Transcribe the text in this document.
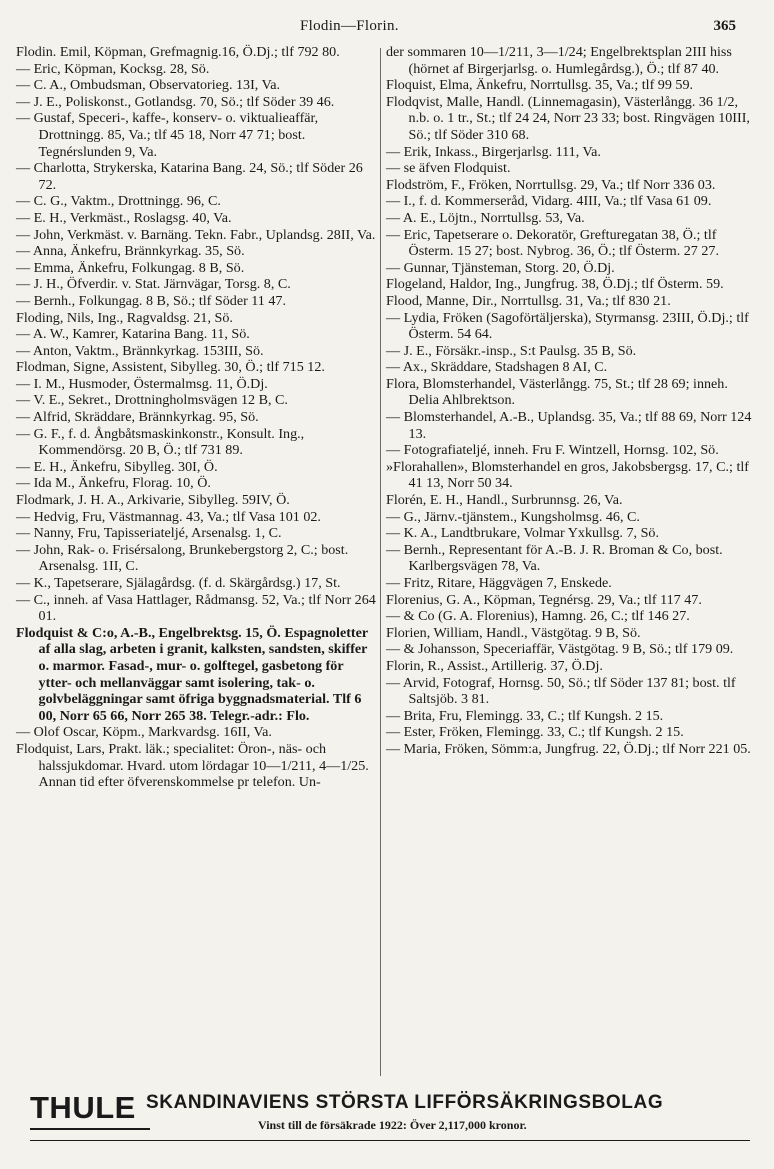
Flodin—Florin.	365
Flodin. Emil, Köpman, Grefmagnig.16, Ö.Dj.; tlf 792 80.
— Eric, Köpman, Kocksg. 28, Sö.
— C. A., Ombudsman, Observatorieg. 13I, Va.
— J. E., Poliskonst., Gotlandsg. 70, Sö.; tlf Söder 39 46.
— Gustaf, Speceri-, kaffe-, konserv- o. viktualieaffär, Drottningg. 85, Va.; tlf 45 18, Norr 47 71; bost. Tegnérslunden 9, Va.
— Charlotta, Strykerska, Katarina Bang. 24, Sö.; tlf Söder 26 72.
— C. G., Vaktm., Drottningg. 96, C.
— E. H., Verkmäst., Roslagsg. 40, Va.
— John, Verkmäst. v. Barnäng. Tekn. Fabr., Uplandsg. 28II, Va.
— Anna, Änkefru, Brännkyrkag. 35, Sö.
— Emma, Änkefru, Folkungag. 8 B, Sö.
— J. H., Öfverdir. v. Stat. Järnvägar, Torsg. 8, C.
— Bernh., Folkungag. 8 B, Sö.; tlf Söder 11 47.
Floding, Nils, Ing., Ragvaldsg. 21, Sö.
— A. W., Kamrer, Katarina Bang. 11, Sö.
— Anton, Vaktm., Brännkyrkag. 153III, Sö.
Flodman, Signe, Assistent, Sibylleg. 30, Ö.; tlf 715 12.
— I. M., Husmoder, Östermalmsg. 11, Ö.Dj.
— V. E., Sekret., Drottningholmsvägen 12 B, C.
— Alfrid, Skräddare, Brännkyrkag. 95, Sö.
— G. F., f. d. Ångbåtsmaskinkonstr., Konsult. Ing., Kommendörsg. 20 B, Ö.; tlf 731 89.
— E. H., Änkefru, Sibylleg. 30I, Ö.
— Ida M., Änkefru, Florag. 10, Ö.
Flodmark, J. H. A., Arkivarie, Sibylleg. 59IV, Ö.
— Hedvig, Fru, Västmannag. 43, Va.; tlf Vasa 101 02.
— Nanny, Fru, Tapisseriatelјé, Arsenalsg. 1, C.
— John, Rak- o. Frisérsalong, Brunkebergstorg 2, C.; bost. Arsenalsg. 1II, C.
— K., Tapetserare, Själagårdsg. (f. d. Skärgårdsg.) 17, St.
— C., inneh. af Vasa Hattlager, Rådmansg. 52, Va.; tlf Norr 264 01.
Flodquist & C:o, A.-B., Engelbrektsg. 15, Ö. Espagnoletter af alla slag, arbeten i granit, kalksten, sandsten, skiffer o. marmor. Fasad-, mur- o. golftegel, gasbetong för ytter- och mellanväggar samt isolering, tak- o. golvbeläggningar samt öfriga byggnadsmaterial. Tlf 6 00, Norr 65 66, Norr 265 38. Telegr.-adr.: Flo.
— Olof Oscar, Köpm., Markvardsg. 16II, Va.
Flodquist, Lars, Prakt. läk.; specialitet: Öron-, näs- och halssjukdomar. Hvard. utom lördagar 10—1/211, 4—1/25. Annan tid efter öfverenskommelse pr telefon. Un-
der sommaren 10—1/211, 3—1/24; Engelbrektsplan 2III hiss (hörnet af Birgerjarlsg. o. Humlegårdsg.), Ö.; tlf 87 40.
Floquist, Elma, Änkefru, Norrtullsg. 35, Va.; tlf 99 59.
Flodqvist, Malle, Handl. (Linnemagasin), Västerlångg. 36 1/2, n.b. o. 1 tr., St.; tlf 24 24, Norr 23 33; bost. Ringvägen 10III, Sö.; tlf Söder 310 68.
— Erik, Inkass., Birgerjarlsg. 111, Va.
— se äfven Flodquist.
Flodström, F., Fröken, Norrtullsg. 29, Va.; tlf Norr 336 03.
— I., f. d. Kommerseråd, Vidarg. 4III, Va.; tlf Vasa 61 09.
— A. E., Löjtn., Norrtullsg. 53, Va.
— Eric, Tapetserare o. Dekoratör, Grefturegatan 38, Ö.; tlf Österm. 15 27; bost. Nybrog. 36, Ö.; tlf Österm. 27 27.
— Gunnar, Tjänsteman, Storg. 20, Ö.Dj.
Flogeland, Haldor, Ing., Jungfrug. 38, Ö.Dj.; tlf Österm. 59.
Flood, Manne, Dir., Norrtullsg. 31, Va.; tlf 830 21.
— Lydia, Fröken (Sagoförtäljerska), Styrmansg. 23III, Ö.Dj.; tlf Österm. 54 64.
— J. E., Försäkr.-insp., S:t Paulsg. 35 B, Sö.
— Ax., Skräddare, Stadshagen 8 AI, C.
Flora, Blomsterhandel, Västerlångg. 75, St.; tlf 28 69; inneh. Delia Ahlbrektson.
— Blomsterhandel, A.-B., Uplandsg. 35, Va.; tlf 88 69, Norr 124 13.
— Fotografiateljé, inneh. Fru F. Wintzell, Hornsg. 102, Sö.
»Florahallen», Blomsterhandel en gros, Jakobsbergsg. 17, C.; tlf 41 13, Norr 50 34.
Florén, E. H., Handl., Surbrunnsg. 26, Va.
— G., Järnv.-tjänstem., Kungsholmsg. 46, C.
— K. A., Landtbrukare, Volmar Yxkullsg. 7, Sö.
— Bernh., Representant för A.-B. J. R. Broman & Co, bost. Karlbergsvägen 78, Va.
— Fritz, Ritare, Häggvägen 7, Enskede.
Florenius, G. A., Köpman, Tegnérsg. 29, Va.; tlf 117 47.
— & Co (G. A. Florenius), Hamng. 26, C.; tlf 146 27.
Florien, William, Handl., Västgötag. 9 B, Sö.
— & Johansson, Speceriaffär, Västgötag. 9 B, Sö.; tlf 179 09.
Florin, R., Assist., Artillerig. 37, Ö.Dj.
— Arvid, Fotograf, Hornsg. 50, Sö.; tlf Söder 137 81; bost. tlf Saltsjöb. 3 81.
— Brita, Fru, Flemingg. 33, C.; tlf Kungsh. 2 15.
— Ester, Fröken, Flemingg. 33, C.; tlf Kungsh. 2 15.
— Maria, Fröken, Sömm:a, Jungfrug. 22, Ö.Dj.; tlf Norr 221 05.
THULE SKANDINAVIENS STÖRSTA LIFFÖRSÄKRINGSBOLAG
Vinst till de försäkrade 1922: Över 2,117,000 kronor.
